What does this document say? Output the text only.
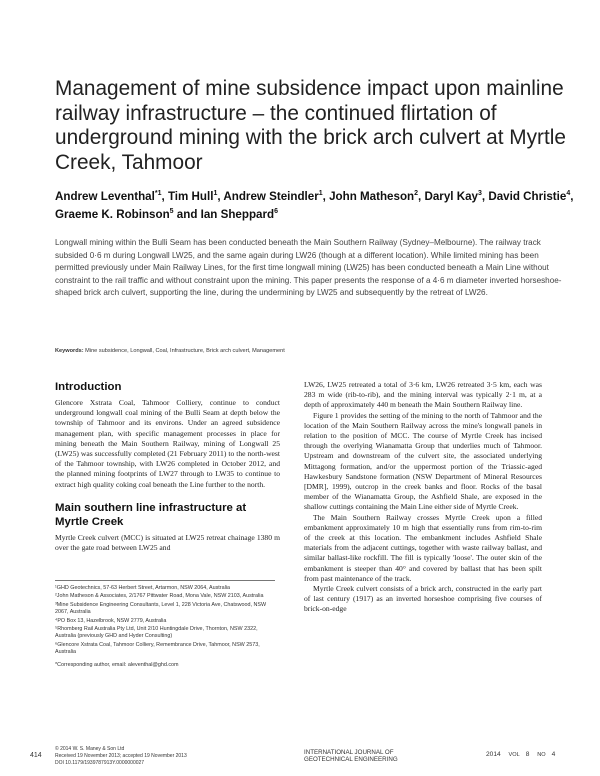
Management of mine subsidence impact upon mainline railway infrastructure – the continued flirtation of underground mining with the brick arch culvert at Myrtle Creek, Tahmoor
Andrew Leventhal$^{*1}$, Tim Hull$^1$, Andrew Steindler$^1$, John Matheson$^2$, Daryl Kay$^3$, David Christie$^4$, Graeme K. Robinson$^5$ and Ian Sheppard$^6$
Longwall mining within the Bulli Seam has been conducted beneath the Main Southern Railway (Sydney–Melbourne). The railway track subsided 0·6 m during Longwall LW25, and the same again during LW26 (though at a different location). While limited mining has been permitted previously under Main Railway Lines, for the first time longwall mining (LW25) has been conducted beneath a Main Line without constraint to the rail traffic and without constraint upon the mining. This paper presents the response of a 4·6 m diameter inverted horseshoe-shaped brick arch culvert, supporting the line, during the undermining by LW25 and subsequently by the retreat of LW26.
Keywords: Mine subsidence, Longwall, Coal, Infrastructure, Brick arch culvert, Management
Introduction

Glencore Xstrata Coal, Tahmoor Colliery, continue to conduct underground longwall coal mining of the Bulli Seam at depth below the township of Tahmoor and its environs. Under an agreed subsidence management plan, with specific management processes in place for mining beneath the Main Southern Railway, mining of Longwall 25 (LW25) was successfully completed (21 February 2011) to the north-west of the Tahmoor township, with LW26 completed in October 2012, and the planned mining footprints of LW27 through to LW35 to continue to extract high quality coking coal beneath the Line further to the north.

Main southern line infrastructure at Myrtle Creek

Myrtle Creek culvert (MCC) is situated at LW25 retreat chainage 1380 m over the gate road between LW25 and

¹GHD Geotechnics, 57-63 Herbert Street, Artarmon, NSW 2064, Australia
²John Matheson & Associates, 2/1767 Pittwater Road, Mona Vale, NSW 2103, Australia
³Mine Subsidence Engineering Consultants, Level 1, 228 Victoria Ave, Chatswood, NSW 2067, Australia
⁴PO Box 13, Hazelbrook, NSW 2779, Australia
⁵Rhomberg Rail Australia Pty Ltd, Unit 2/10 Huntingdale Drive, Thornton, NSW 2322, Australia (previously GHD and Hyder Consulting)
⁶Glencore Xstrata Coal, Tahmoor Colliery, Remembrance Drive, Tahmoor, NSW 2573, Australia
*Corresponding author, email: aleventhal@ghd.com

LW26, LW25 retreated a total of 3·6 km, LW26 retreated 3·5 km, each was 283 m wide (rib-to-rib), and the mining interval was typically 2·1 m, at a depth of approximately 440 m beneath the Main Southern Railway line.

Figure 1 provides the setting of the mining to the north of Tahmoor and the location of the Main Southern Railway across the mine's longwall panels in relation to the position of MCC. The course of Myrtle Creek has incised through the overlying Wianamatta Group that underlies much of Tahmoor. Upstream and downstream of the culvert site, the associated underlying Mittagong formation, and/or the uppermost portion of the Triassic-aged Hawkesbury Sandstone formation (NSW Department of Mineral Resources [DMR], 1999), outcrop in the creek banks and floor. Rocks of the basal member of the Wianamatta Group, the Ashfield Shale, are exposed in the shallow cuttings containing the Main Line either side of Myrtle Creek.

The Main Southern Railway crosses Myrtle Creek upon a filled embankment approximately 10 m high that essentially runs from rim-to-rim of the creek at this location. The embankment includes Ashfield Shale materials from the adjacent cuttings, together with waste railway ballast, and similar ballast-like rockfill. The fill is typically 'loose'. The outer skin of the embankment is steeper than 40° and covered by ballast that has been spilt from past maintenance of the track.

Myrtle Creek culvert consists of a brick arch, constructed in the early part of last century (1917) as an inverted horseshoe comprising five courses of brick-on-edge

414
© 2014 W. S. Maney & Son Ltd
Received 19 November 2013; accepted 19 November 2013
DOI 10.1179/1939787913Y.0000000027
INTERNATIONAL JOURNAL OF
GEOTECHNICAL ENGINEERING
2014 VOL 8 NO 4
